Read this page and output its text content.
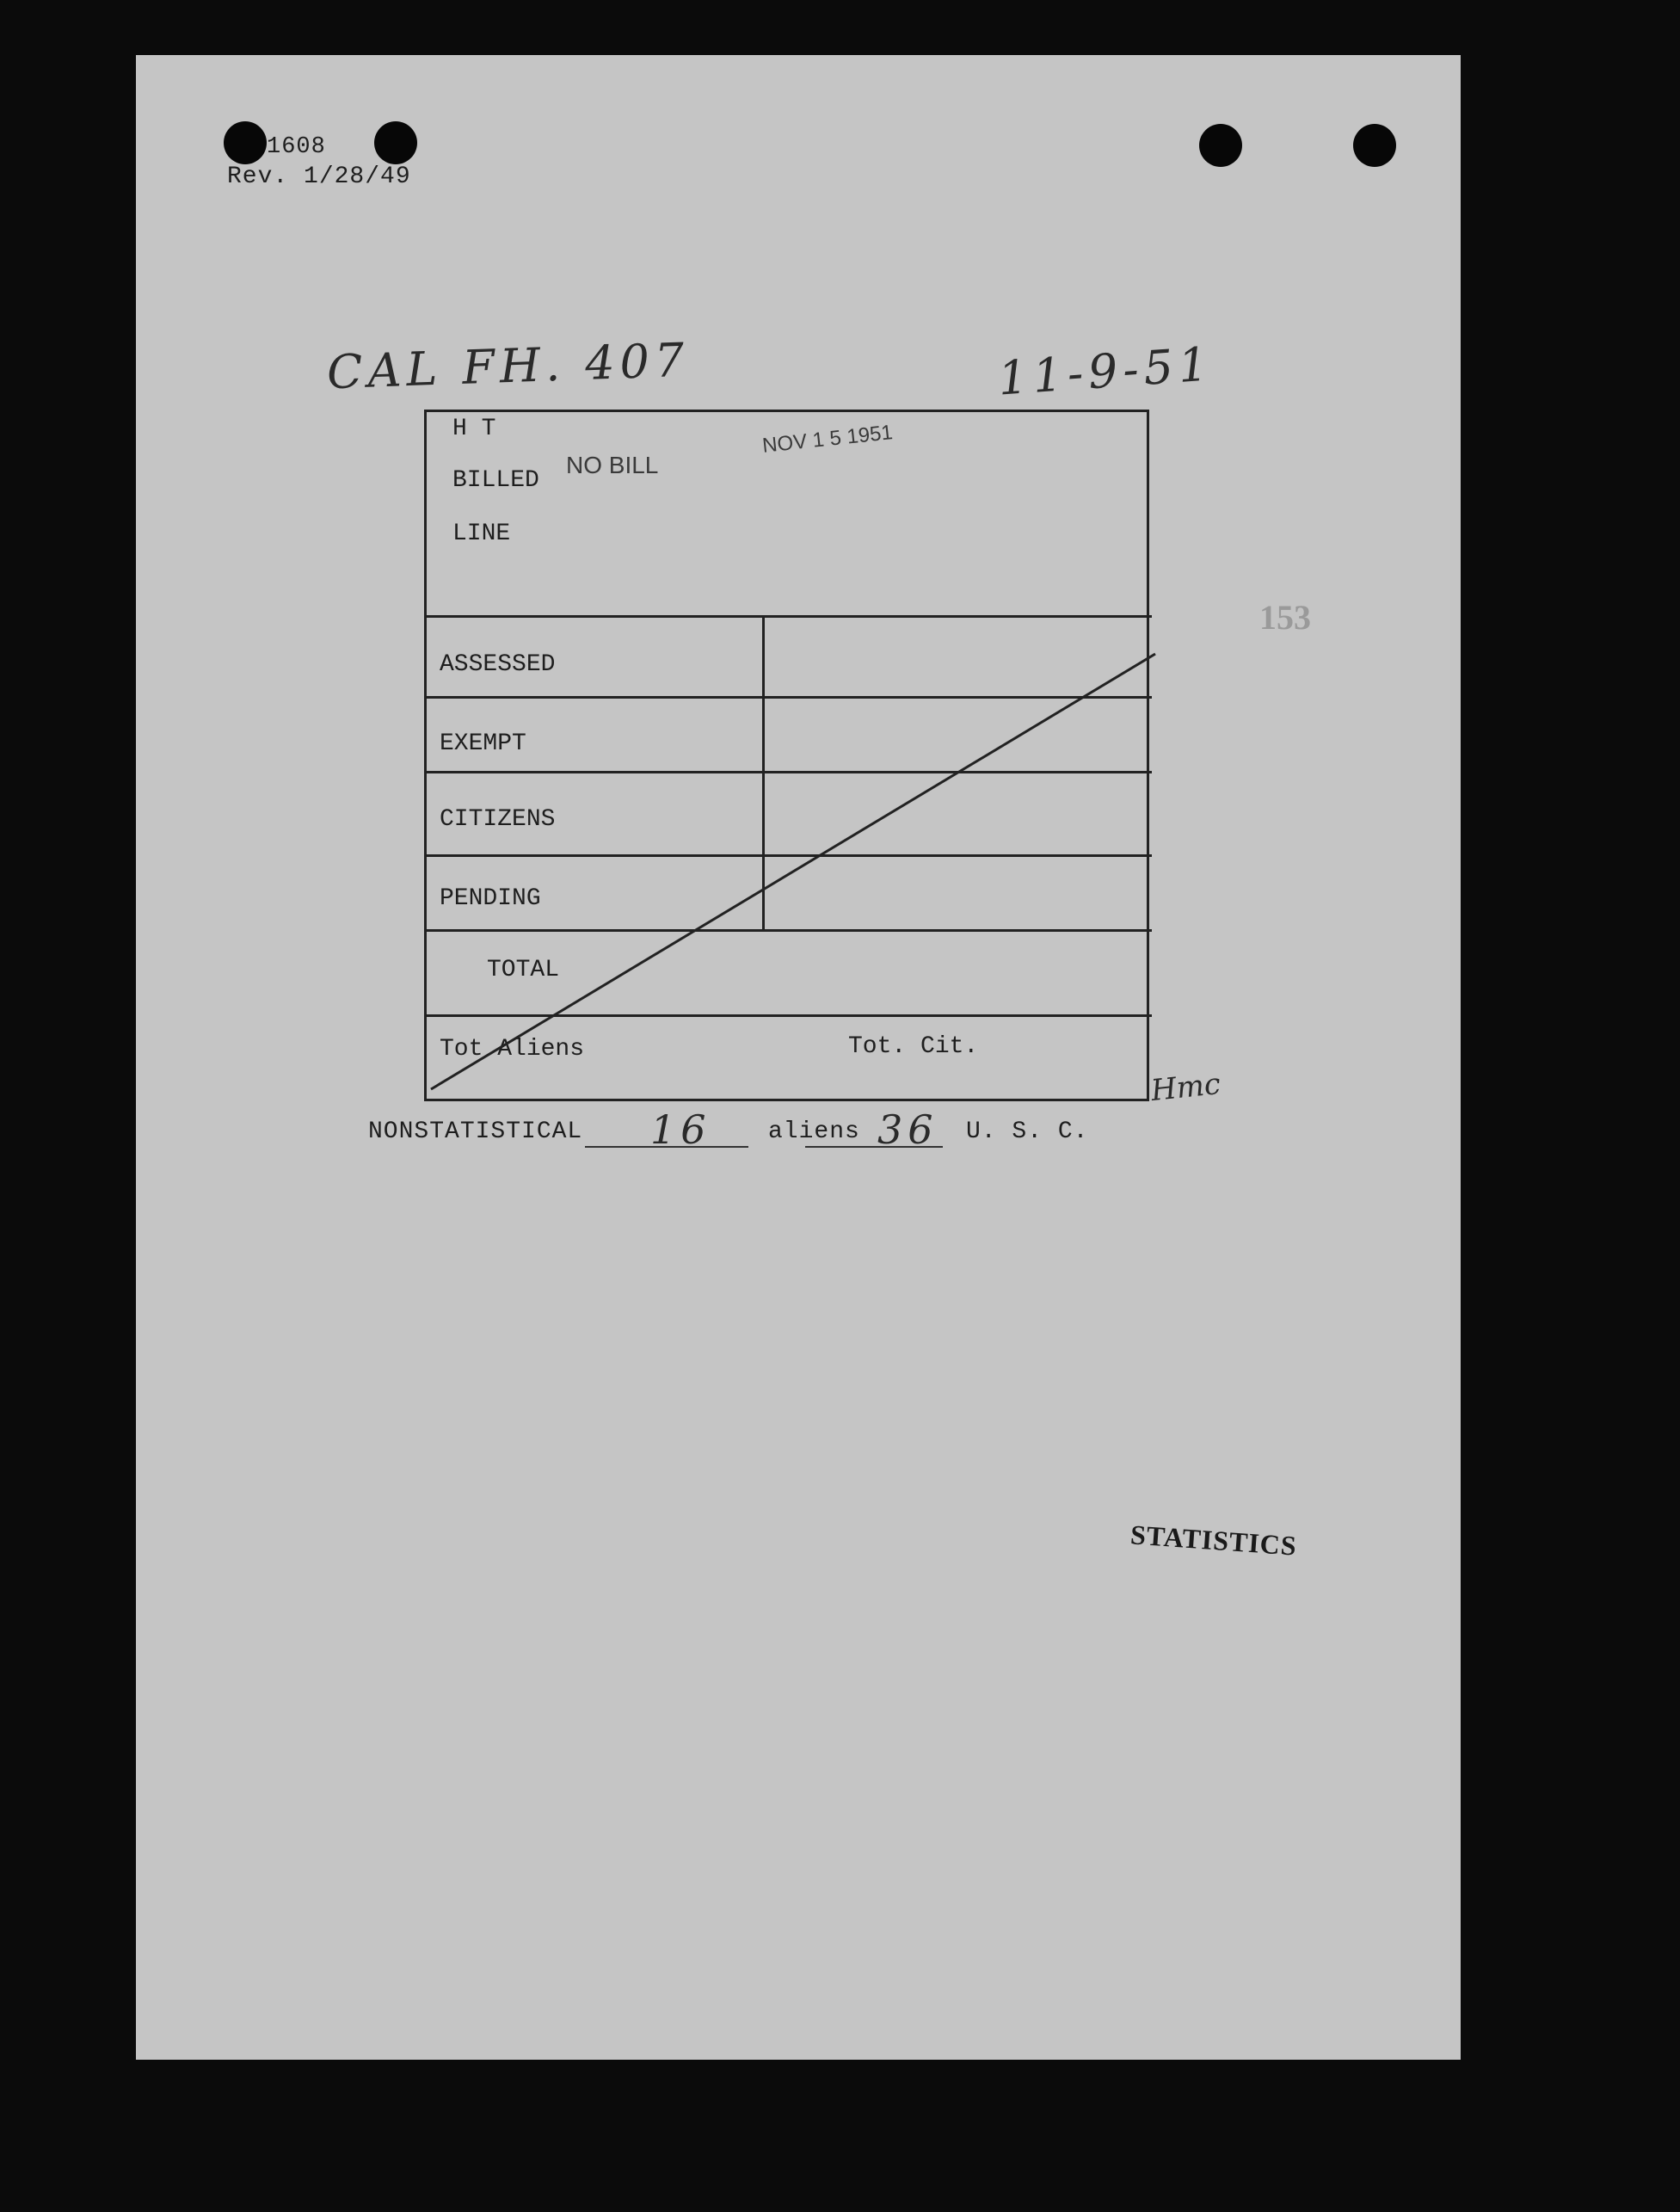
1608
Rev. 1/28/49
CAL FH. 407	11-9-51
153
NONSTATISTICAL 16 aliens 36 U. S. C.
STATISTICS
Hmc
H T
BILLED
LINE
NO BILL
NOV 1 5 1951
ASSESSED
EXEMPT
CITIZENS
PENDING
TOTAL
Tot Aliens	Tot. Cit.
